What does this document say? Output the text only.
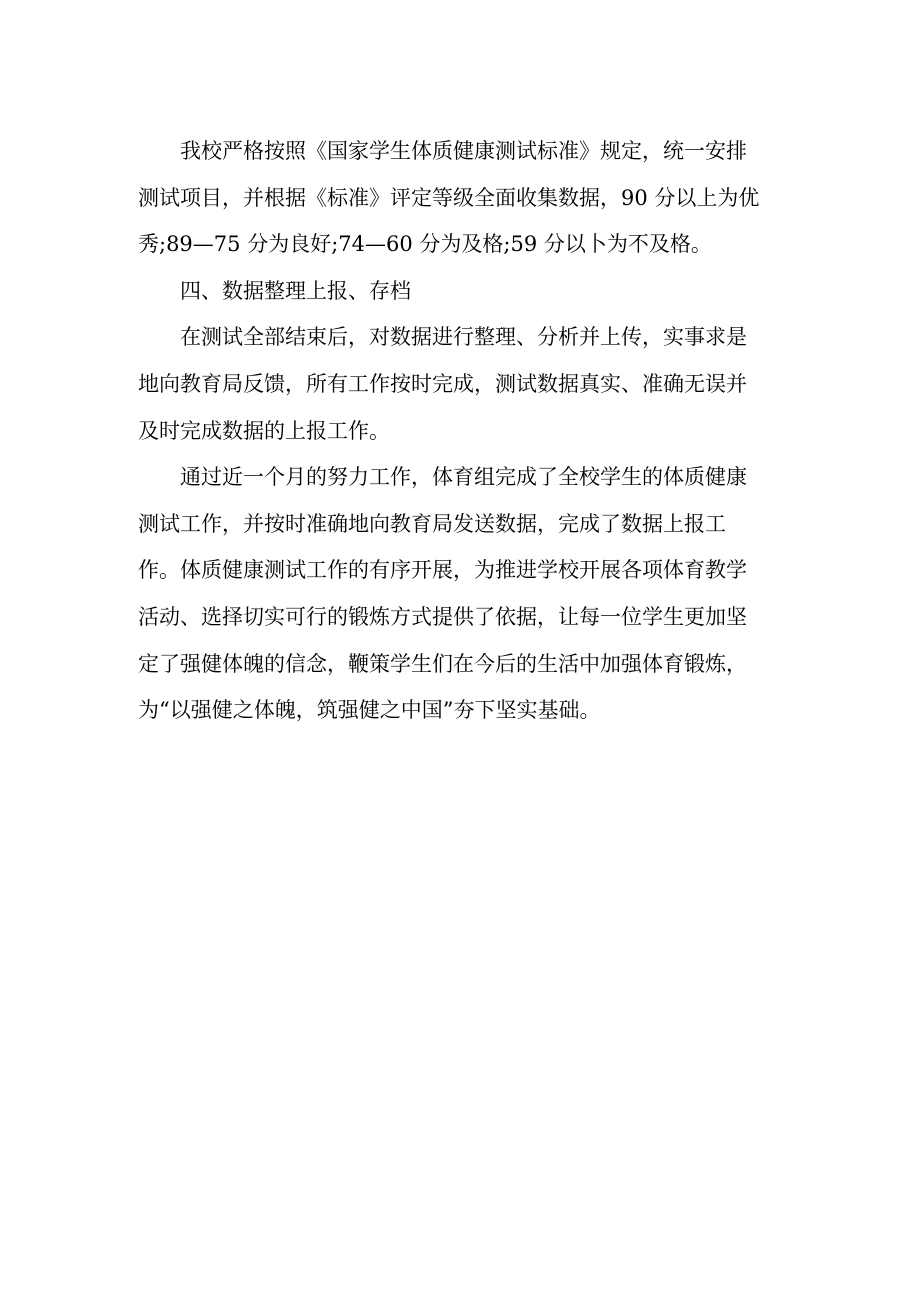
我校严格按照《国家学生体质健康测试标准》规定，统一安排
测试项目，并根据《标准》评定等级全面收集数据，90 分以上为优
秀;89—75 分为良好;74—60 分为及格;59 分以卜为不及格。
四、数据整理上报、存档
在测试全部结束后，对数据进行整理、分析并上传，实事求是
地向教育局反馈，所有工作按时完成，测试数据真实、准确无误并
及时完成数据的上报工作。
通过近一个月的努力工作，体育组完成了全校学生的体质健康
测试工作，并按时准确地向教育局发送数据，完成了数据上报工
作。体质健康测试工作的有序开展，为推进学校开展各项体育教学
活动、选择切实可行的锻炼方式提供了依据，让每一位学生更加坚
定了强健体魄的信念，鞭策学生们在今后的生活中加强体育锻炼，
为“以强健之体魄，筑强健之中国”夯下坚实基础。
